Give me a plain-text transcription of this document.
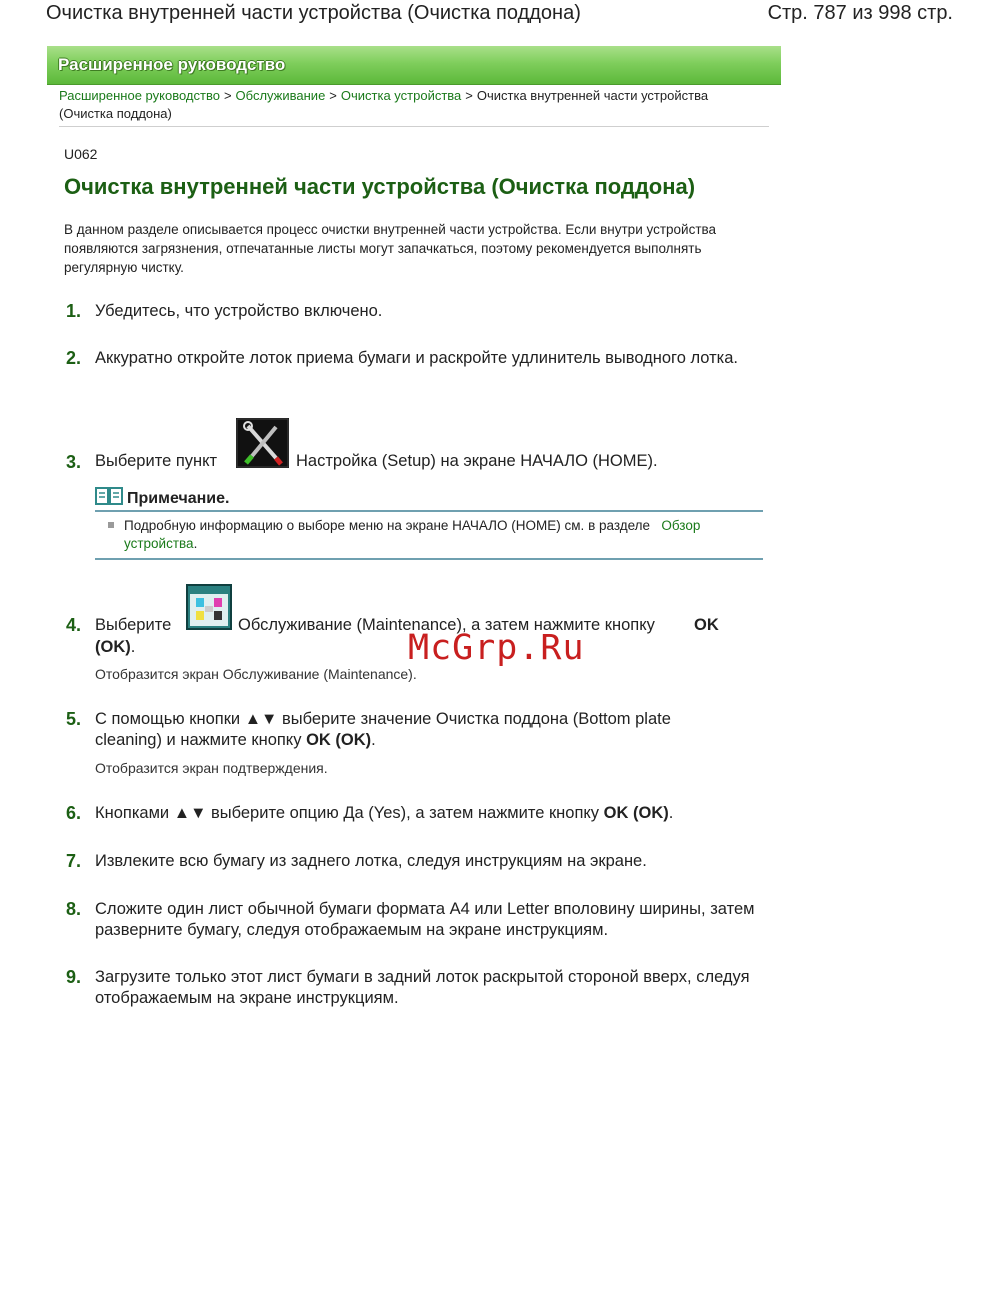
Очистка внутренней части устройства (Очистка поддона)	Стр. 787 из 998 стр.
Расширенное руководство
Расширенное руководство > Обслуживание > Очистка устройства > Очистка внутренней части устройства (Очистка поддона)
U062
Очистка внутренней части устройства (Очистка поддона)
В данном разделе описывается процесс очистки внутренней части устройства. Если внутри устройства появляются загрязнения, отпечатанные листы могут запачкаться, поэтому рекомендуется выполнять регулярную чистку.
1. Убедитесь, что устройство включено.
2. Аккуратно откройте лоток приема бумаги и раскройте удлинитель выводного лотка.
3. Выберите пункт	Настройка (Setup) на экране НАЧАЛО (HOME).
Примечание.
Подробную информацию о выборе меню на экране НАЧАЛО (HOME) см. в разделе Обзор устройства.
4. Выберите	Обслуживание (Maintenance), а затем нажмите кнопку OK
(OK).
Отобразится экран Обслуживание (Maintenance).
5. С помощью кнопки ▲▼ выберите значение Очистка поддона (Bottom plate cleaning) и нажмите кнопку OK (OK).
Отобразится экран подтверждения.
6. Кнопками ▲▼ выберите опцию Да (Yes), а затем нажмите кнопку OK (OK).
7. Извлеките всю бумагу из заднего лотка, следуя инструкциям на экране.
8. Сложите один лист обычной бумаги формата A4 или Letter вполовину ширины, затем разверните бумагу, следуя отображаемым на экране инструкциям.
9. Загрузите только этот лист бумаги в задний лоток раскрытой стороной вверх, следуя отображаемым на экране инструкциям.
McGrp.Ru
